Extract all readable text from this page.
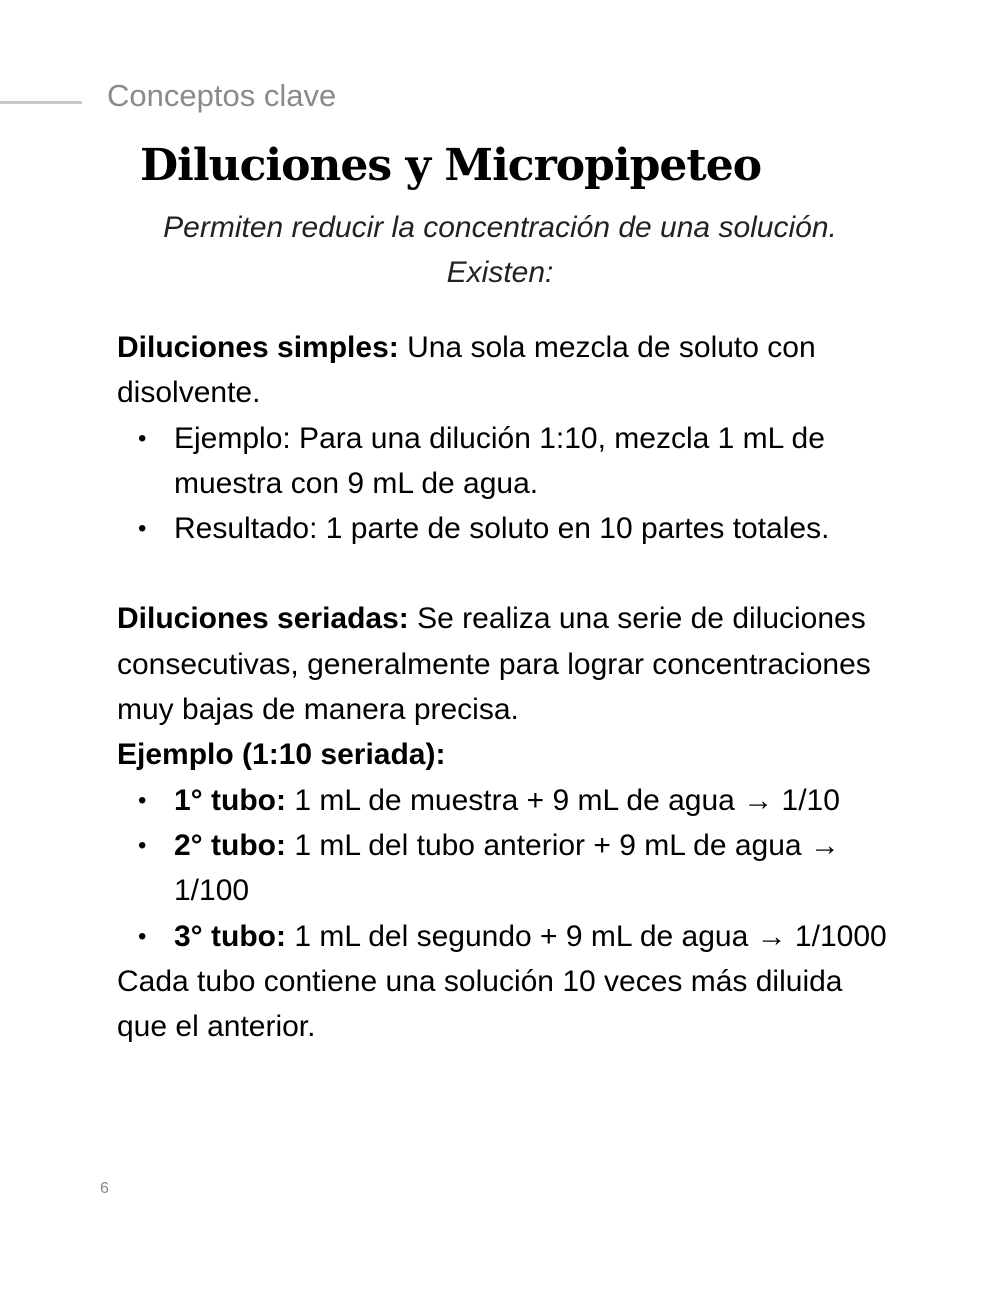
Conceptos clave
Diluciones y Micropipeteo
Permiten reducir la concentración de una solución.
Existen:

Diluciones simples: Una sola mezcla de soluto con disolvente.

• Ejemplo: Para una dilución 1:10, mezcla 1 mL de muestra con 9 mL de agua.
• Resultado: 1 parte de soluto en 10 partes totales.

Diluciones seriadas: Se realiza una serie de diluciones consecutivas, generalmente para lograr concentraciones muy bajas de manera precisa.

Ejemplo (1:10 seriada):

• 1° tubo: 1 mL de muestra + 9 mL de agua → 1/10
• 2° tubo: 1 mL del tubo anterior + 9 mL de agua → 1/100
• 3° tubo: 1 mL del segundo + 9 mL de agua → 1/1000

Cada tubo contiene una solución 10 veces más diluida que el anterior.

6
